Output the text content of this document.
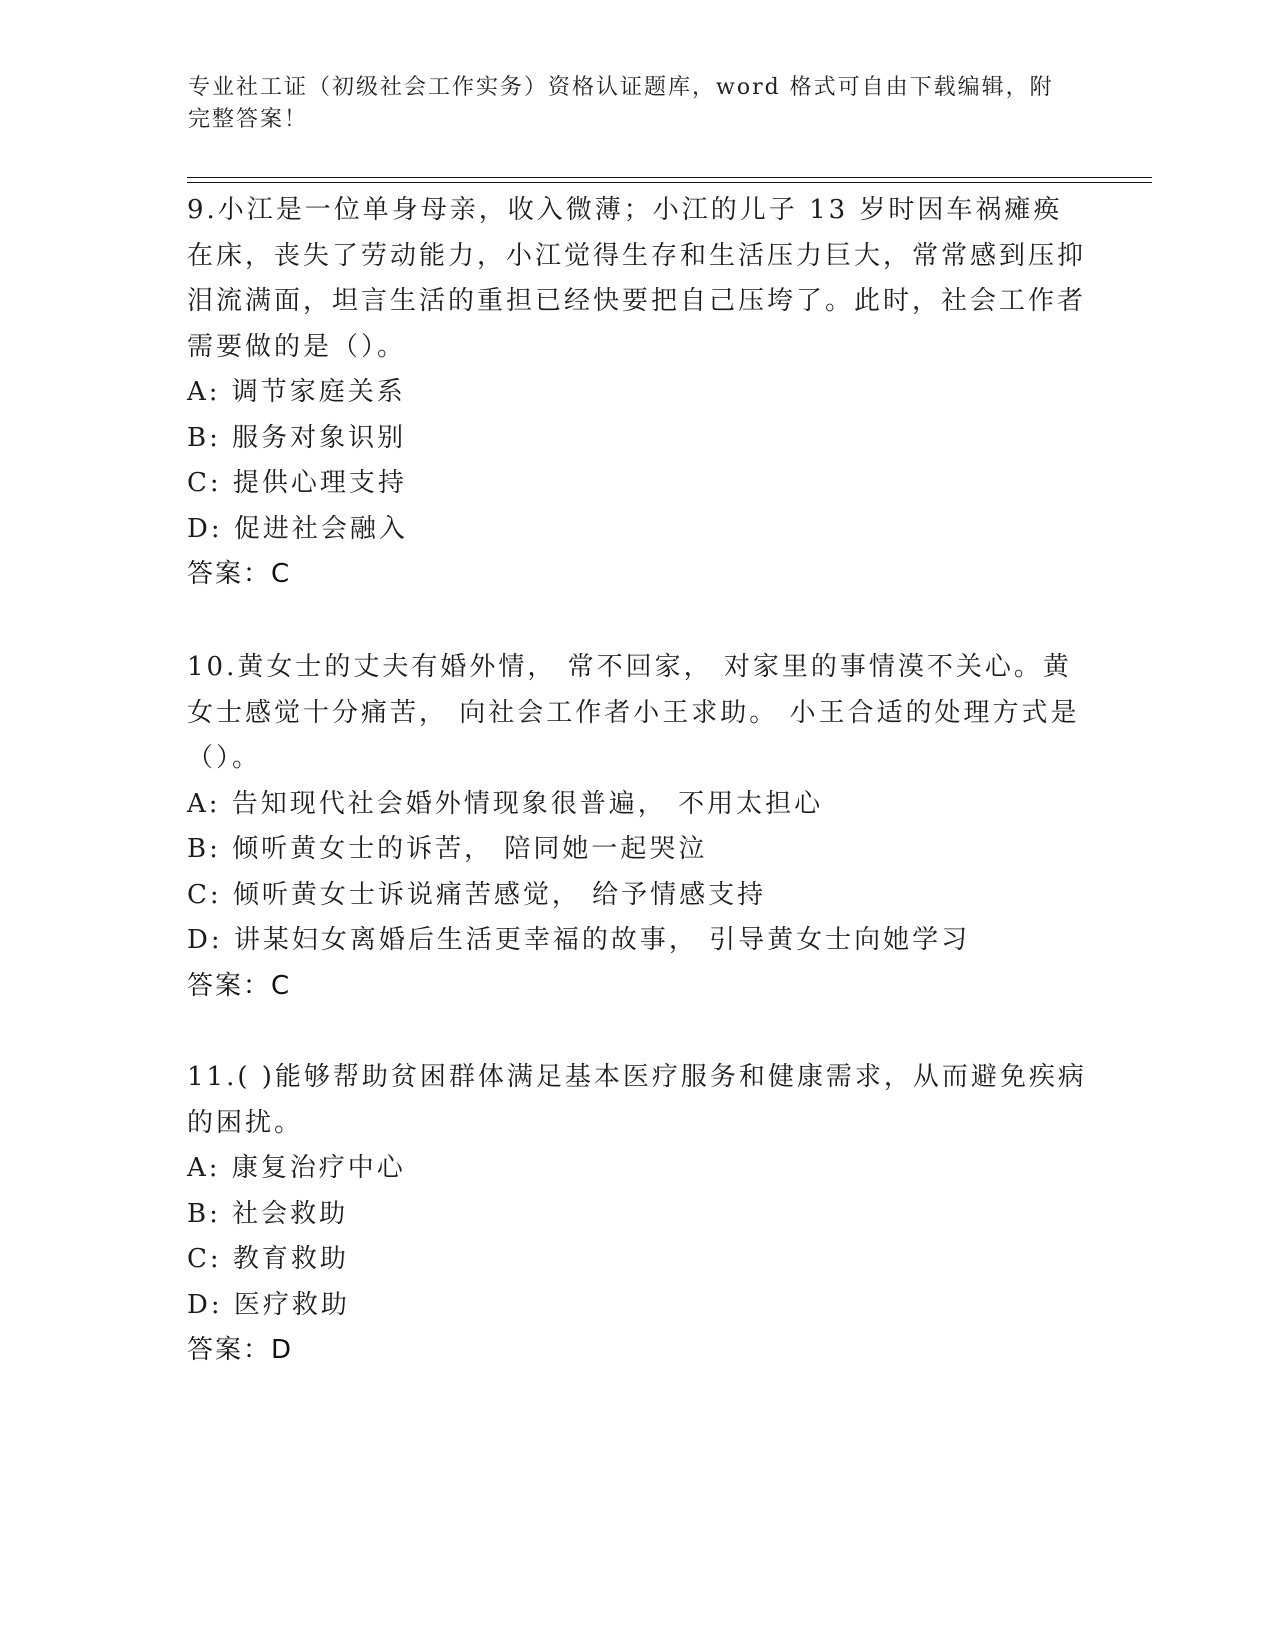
专业社工证（初级社会工作实务）资格认证题库，word 格式可自由下载编辑，附完整答案！

9.小江是一位单身母亲，收入微薄；小江的儿子 13 岁时因车祸瘫痪在床，丧失了劳动能力，小江觉得生存和生活压力巨大，常常感到压抑泪流满面，坦言生活的重担已经快要把自己压垮了。此时，社会工作者需要做的是（）。

A: 调节家庭关系

B: 服务对象识别

C: 提供心理支持

D: 促进社会融入

答案：C

10.黄女士的丈夫有婚外情， 常不回家， 对家里的事情漠不关心。黄女士感觉十分痛苦， 向社会工作者小王求助。 小王合适的处理方式是（）。

A: 告知现代社会婚外情现象很普遍， 不用太担心

B: 倾听黄女士的诉苦， 陪同她一起哭泣

C: 倾听黄女士诉说痛苦感觉， 给予情感支持

D: 讲某妇女离婚后生活更幸福的故事， 引导黄女士向她学习

答案：C

11.( )能够帮助贫困群体满足基本医疗服务和健康需求，从而避免疾病的困扰。

A: 康复治疗中心

B: 社会救助

C: 教育救助

D: 医疗救助

答案：D
